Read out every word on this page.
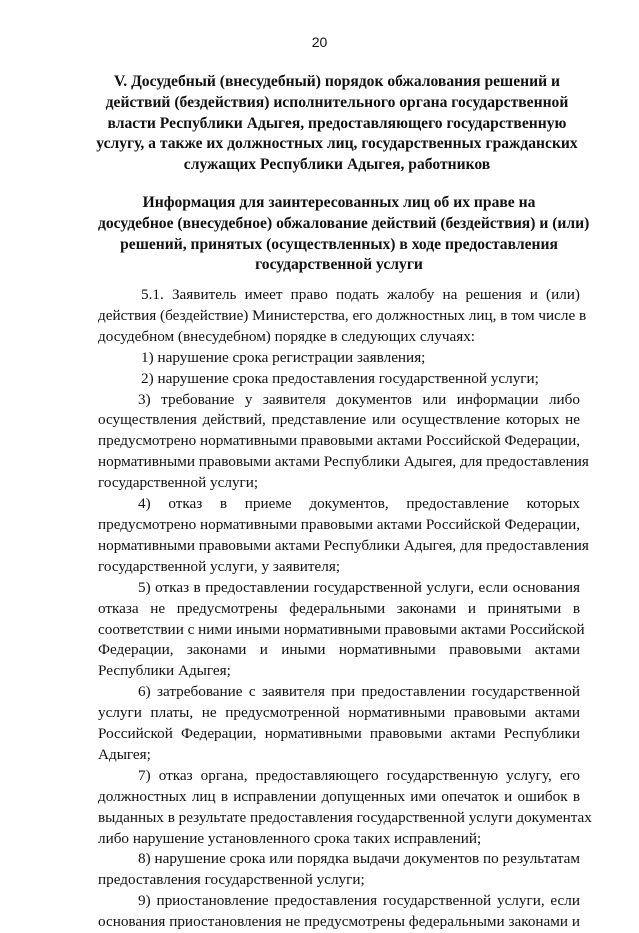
20
V. Досудебный (внесудебный) порядок обжалования решений и
действий (бездействия) исполнительного органа государственной
власти Республики Адыгея, предоставляющего государственную
услугу, а также их должностных лиц, государственных гражданских
служащих Республики Адыгея, работников
Информация для заинтересованных лиц об их праве на
досудебное (внесудебное) обжалование действий (бездействия) и (или)
решений, принятых (осуществленных) в ходе предоставления
государственной услуги
5.1. Заявитель имеет право подать жалобу на решения и (или)
действия (бездействие) Министерства, его должностных лиц, в том числе в
досудебном (внесудебном) порядке в следующих случаях:
1) нарушение срока регистрации заявления;
2) нарушение срока предоставления государственной услуги;
3) требование у заявителя документов или информации либо
осуществления действий, представление или осуществление которых не
предусмотрено нормативными правовыми актами Российской Федерации,
нормативными правовыми актами Республики Адыгея, для предоставления
государственной услуги;
4) отказ в приеме документов, предоставление которых
предусмотрено нормативными правовыми актами Российской Федерации,
нормативными правовыми актами Республики Адыгея, для предоставления
государственной услуги, у заявителя;
5) отказ в предоставлении государственной услуги, если основания
отказа не предусмотрены федеральными законами и принятыми в
соответствии с ними иными нормативными правовыми актами Российской
Федерации, законами и иными нормативными правовыми актами
Республики Адыгея;
6) затребование с заявителя при предоставлении государственной
услуги платы, не предусмотренной нормативными правовыми актами
Российской Федерации, нормативными правовыми актами Республики
Адыгея;
7) отказ органа, предоставляющего государственную услугу, его
должностных лиц в исправлении допущенных ими опечаток и ошибок в
выданных в результате предоставления государственной услуги документах
либо нарушение установленного срока таких исправлений;
8) нарушение срока или порядка выдачи документов по результатам
предоставления государственной услуги;
9) приостановление предоставления государственной услуги, если
основания приостановления не предусмотрены федеральными законами и
